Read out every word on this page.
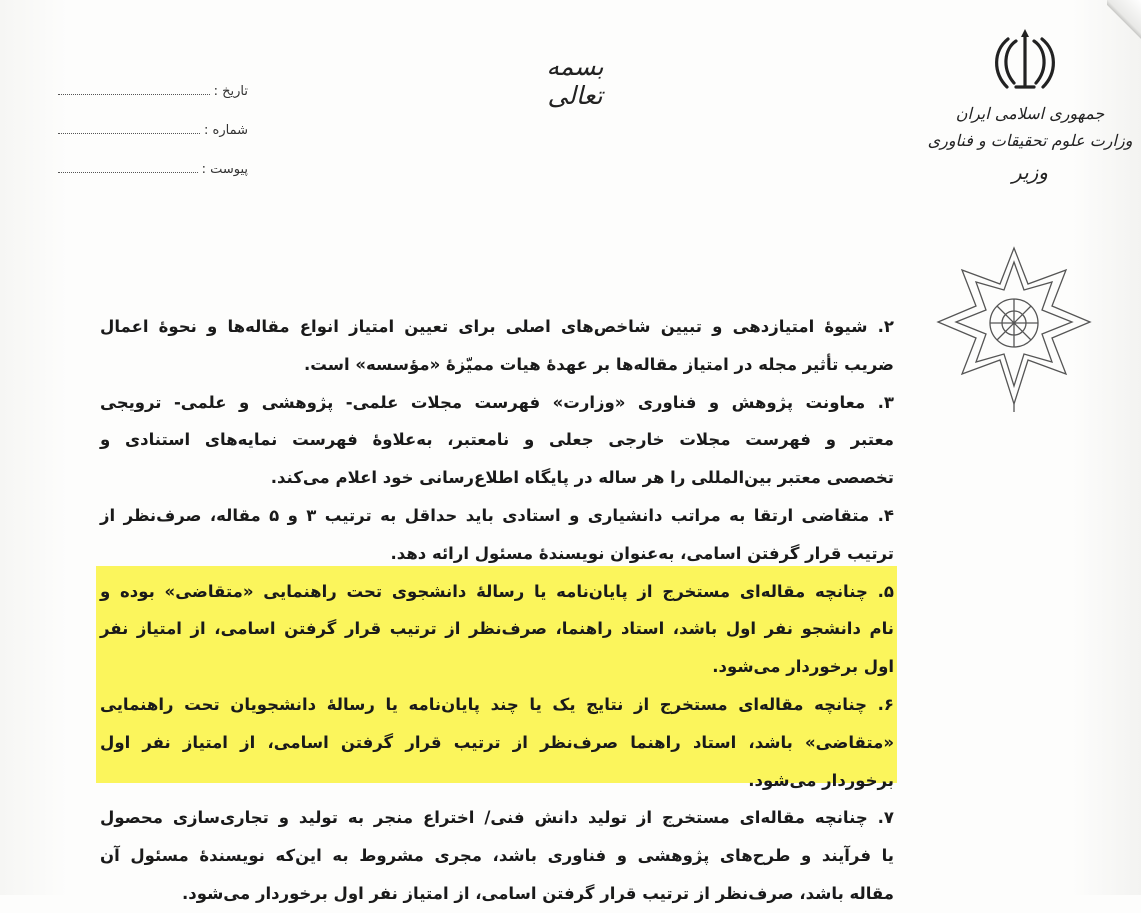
تاریخ :
شماره :
پیوست :
بسمه تعالی
جمهوری اسلامی ایران
وزارت علوم تحقیقات و فناوری
وزیر
۲. شیوۀ امتیازدهی و تبیین شاخص‌های اصلی برای تعیین امتیاز انواع مقاله‌ها و نحوۀ اعمال
ضریب تأثیر مجله در امتیاز مقاله‌ها بر عهدۀ هیات ممیّزۀ «مؤسسه» است.
۳. معاونت پژوهش و فناوری «وزارت» فهرست مجلات علمی- پژوهشی و علمی- ترویجی
معتبر و فهرست مجلات خارجی جعلی و نامعتبر، به‌علاوۀ فهرست نمایه‌های استنادی و
تخصصی معتبر بین‌المللی را هر ساله در پایگاه اطلاع‌رسانی خود اعلام می‌کند.
۴. متقاضی ارتقا به مراتب دانشیاری و استادی باید حداقل به ترتیب ۳ و ۵ مقاله، صرف‌نظر از
ترتیب قرار گرفتن اسامی، به‌عنوان نویسندۀ مسئول ارائه دهد.
۵. چنانچه مقاله‌ای مستخرج از پایان‌نامه یا رسالۀ دانشجوی تحت راهنمایی «متقاضی» بوده و
نام دانشجو نفر اول باشد، استاد راهنما، صرف‌نظر از ترتیب قرار گرفتن اسامی، از امتیاز نفر
اول برخوردار می‌شود.
۶. چنانچه مقاله‌ای مستخرج از نتایج یک یا چند پایان‌نامه یا رسالۀ دانشجویان تحت راهنمایی
«متقاضی» باشد، استاد راهنما صرف‌نظر از ترتیب قرار گرفتن اسامی، از امتیاز نفر اول
برخوردار می‌شود.
۷. چنانچه مقاله‌ای مستخرج از تولید دانش فنی/ اختراع منجر به تولید و تجاری‌سازی محصول
یا فرآیند و طرح‌های پژوهشی و فناوری باشد، مجری مشروط به این‌که نویسندۀ مسئول آن
مقاله باشد، صرف‌نظر از ترتیب قرار گرفتن اسامی، از امتیاز نفر اول برخوردار می‌شود.
